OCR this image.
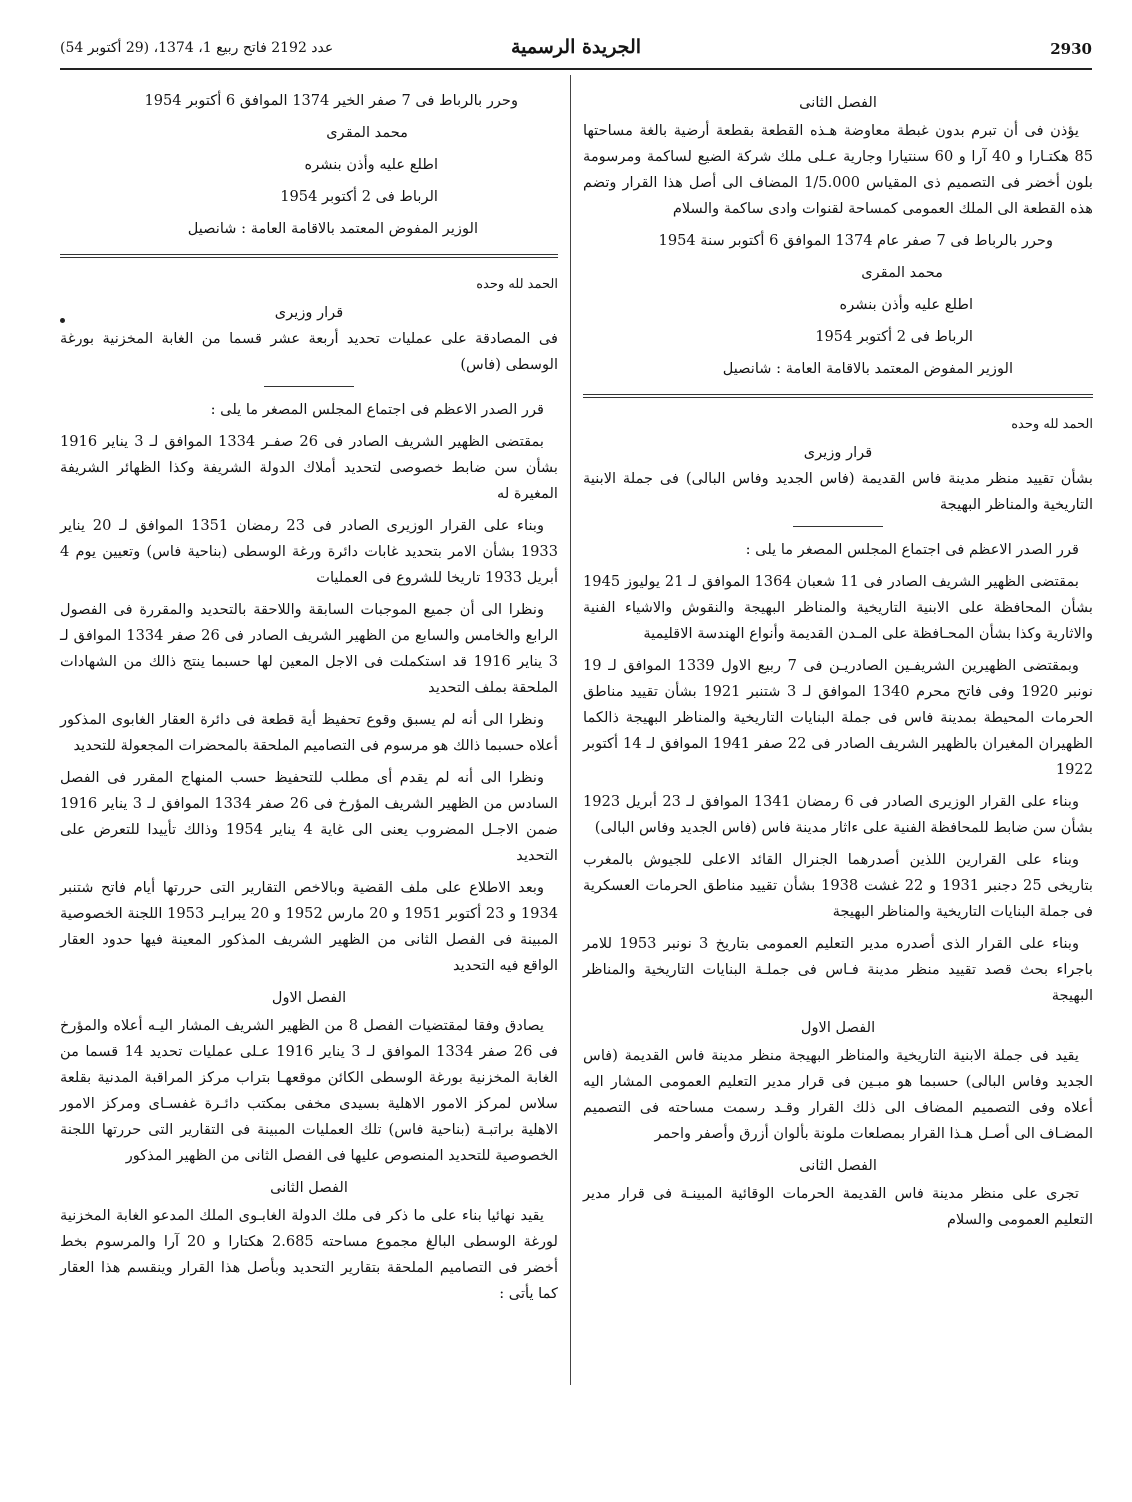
عدد 2192 فاتح ربيع 1، 1374، (29 أكتوبر 54)	الجريدة الرسمية	2930
الفصل الثانى

يؤذن فى أن تبرم بدون غبطة معاوضة هـذه القطعة بقطعة أرضية بالغة مساحتها 85 هكتـارا و 40 آرا و 60 سنتيارا وجارية عـلى ملك شركة الضيع لساكمة ومرسومة بلون أخضر فى التصميم ذى المقياس 1/5.000 المضاف الى أصل هذا القرار وتضم هذه القطعة الى الملك العمومى كمساحة لقنوات وادى ساكمة والسلام

وحرر بالرباط فى 7 صفر عام 1374 الموافق 6 أكتوبر سنة 1954

محمد المقرى

اطلع عليه وأذن بنشره

الرباط فى 2 أكتوبر 1954

الوزير المفوض المعتمد بالاقامة العامة : شانصيل

الحمد لله وحده
قرار وزيرى

بشأن تقييد منظر مدينة فاس القديمة (فاس الجديد وفاس البالى) فى جملة الابنية التاريخية والمناظر البهيجة

قرر الصدر الاعظم فى اجتماع المجلس المصغر ما يلى :

بمقتضى الظهير الشريف الصادر فى 11 شعبان 1364 الموافق لـ 21 يوليوز 1945 بشأن المحافظة على الابنية التاريخية والمناظر البهيجة والنقوش والاشياء الفنية والاثارية وكذا بشأن المحـافظة على المـدن القديمة وأنواع الهندسة الاقليمية

وبمقتضى الظهيرين الشريفـين الصادريـن فى 7 ربيع الاول 1339 الموافق لـ 19 نونبر 1920 وفى فاتح محرم 1340 الموافق لـ 3 شتنبر 1921 بشأن تقييد مناطق الحرمات المحيطة بمدينة فاس فى جملة البنايات التاريخية والمناظر البهيجة ذالكما الظهيران المغيران بالظهير الشريف الصادر فى 22 صفر 1941 الموافق لـ 14 أكتوبر 1922

وبناء على القرار الوزيرى الصادر فى 6 رمضان 1341 الموافق لـ 23 أبريل 1923 بشأن سن ضابط للمحافظة الفنية على ءاثار مدينة فاس (فاس الجديد وفاس البالى)

وبناء على القرارين اللذين أصدرهما الجنرال القائد الاعلى للجيوش بالمغرب بتاريخى 25 دجنبر 1931 و 22 غشت 1938 بشأن تقييد مناطق الحرمات العسكرية فى جملة البنايات التاريخية والمناظر البهيجة

وبناء على القرار الذى أصدره مدير التعليم العمومى بتاريخ 3 نونبر 1953 للامر باجراء بحث قصد تقييد منظر مدينة فـاس فى جملـة البنايات التاريخية والمناظر البهيجة

الفصل الاول

يقيد فى جملة الابنية التاريخية والمناظر البهيجة منظر مدينة فاس القديمة (فاس الجديد وفاس البالى) حسبما هو مبـين فى قرار مدير التعليم العمومى المشار اليه أعلاه وفى التصميم المضاف الى ذلك القرار وقـد رسمت مساحته فى التصميم المضـاف الى أصـل هـذا القرار بمصلعات ملونة بألوان أزرق وأصفر واحمر

الفصل الثانى

تجرى على منظر مدينة فاس القديمة الحرمات الوقائية المبينـة فى قرار مدير التعليم العمومى والسلام

وحرر بالرباط فى 7 صفر الخير 1374 الموافق 6 أكتوبر 1954

محمد المقرى

اطلع عليه وأذن بنشره

الرباط فى 2 أكتوبر 1954

الوزير المفوض المعتمد بالاقامة العامة : شانصيل

الحمد لله وحده
قرار وزيرى

فى المصادقة على عمليات تحديد أربعة عشر قسما من الغابة المخزنية بورغة الوسطى (فاس)

قرر الصدر الاعظم فى اجتماع المجلس المصغر ما يلى :

بمقتضى الظهير الشريف الصادر فى 26 صفـر 1334 الموافق لـ 3 يناير 1916 بشأن سن ضابط خصوصى لتحديد أملاك الدولة الشريفة وكذا الظهائر الشريفة المغيرة له

وبناء على القرار الوزيرى الصادر فى 23 رمضان 1351 الموافق لـ 20 يناير 1933 بشأن الامر بتحديد غابات دائرة ورغة الوسطى (بناحية فاس) وتعيين يوم 4 أبريل 1933 تاريخا للشروع فى العمليات

ونظرا الى أن جميع الموجبات السابقة واللاحقة بالتحديد والمقررة فى الفصول الرابع والخامس والسابع من الظهير الشريف الصادر فى 26 صفر 1334 الموافق لـ 3 يناير 1916 قد استكملت فى الاجل المعين لها حسبما ينتج ذالك من الشهادات الملحقة بملف التحديد

ونظرا الى أنه لم يسبق وقوع تحفيظ أية قطعة فى دائرة العقار الغابوى المذكور أعلاه حسبما ذالك هو مرسوم فى التصاميم الملحقة بالمحضرات المجعولة للتحديد

ونظرا الى أنه لم يقدم أى مطلب للتحفيظ حسب المنهاج المقرر فى الفصل السادس من الظهير الشريف المؤرخ فى 26 صفر 1334 الموافق لـ 3 يناير 1916 ضمن الاجـل المضروب يعنى الى غاية 4 يناير 1954 وذالك تأييدا للتعرض على التحديد

وبعد الاطلاع على ملف القضية وبالاخص التقارير التى حررتها أيام فاتح شتنبر 1934 و 23 أكتوبر 1951 و 20 مارس 1952 و 20 يبرايـر 1953 اللجنة الخصوصية المبينة فى الفصل الثانى من الظهير الشريف المذكور المعينة فيها حدود العقار الواقع فيه التحديد

الفصل الاول

يصادق وفقا لمقتضيات الفصل 8 من الظهير الشريف المشار اليـه أعلاه والمؤرخ فى 26 صفر 1334 الموافق لـ 3 يناير 1916 عـلى عمليات تحديد 14 قسما من الغابة المخزنية بورغة الوسطى الكائن موقعهـا بتراب مركز المراقبة المدنية بقلعة سلاس لمركز الامور الاهلية بسيدى مخفى بمكتب دائـرة غفسـاى ومركز الامور الاهلية براتبـة (بناحية فاس) تلك العمليات المبينة فى التقارير التى حررتها اللجنة الخصوصية للتحديد المنصوص عليها فى الفصل الثانى من الظهير المذكور

الفصل الثانى

يقيد نهائيا بناء على ما ذكر فى ملك الدولة الغابـوى الملك المدعو الغابة المخزنية لورغة الوسطى البالغ مجموع مساحته 2.685 هكتارا و 20 آرا والمرسوم بخط أخضر فى التصاميم الملحقة بتقارير التحديد وبأصل هذا القرار وينقسم هذا العقار كما يأتى :
